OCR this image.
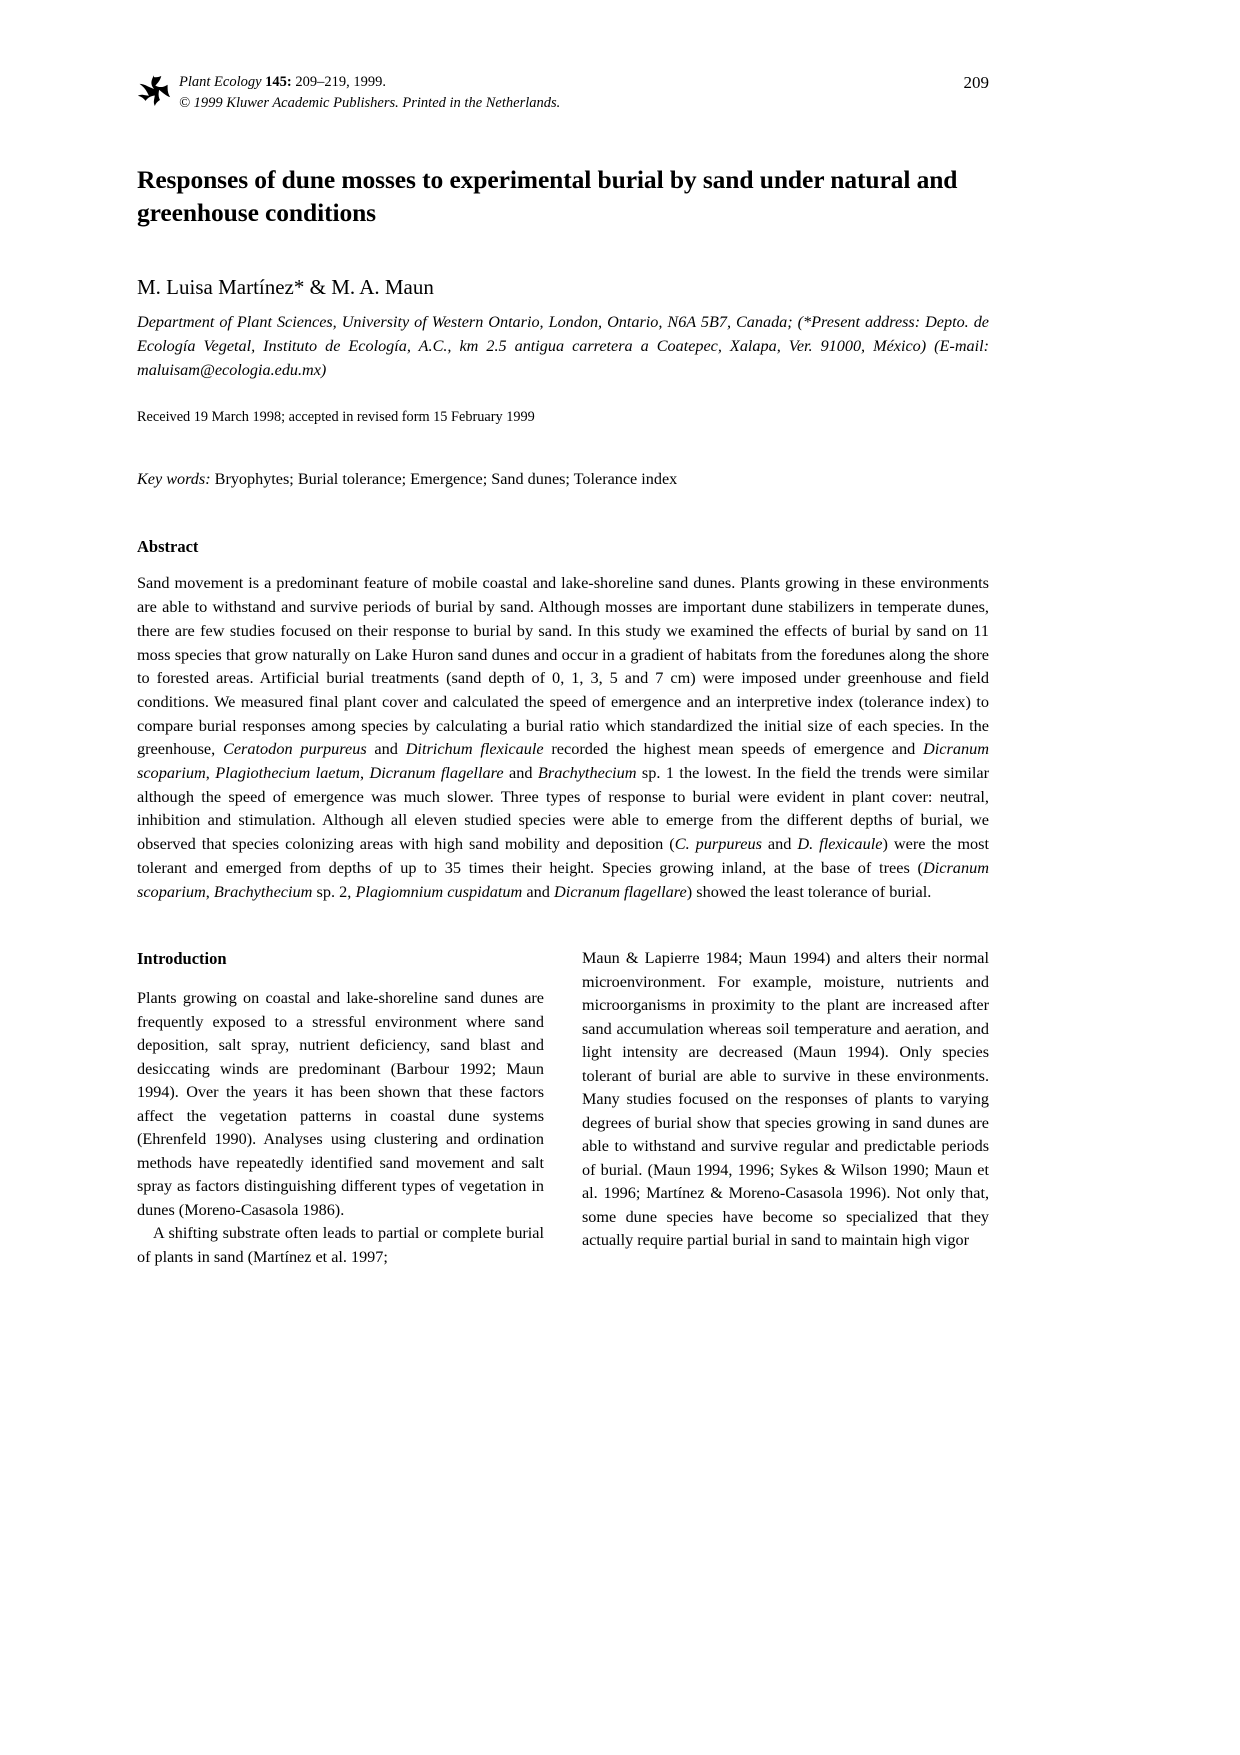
Plant Ecology 145: 209–219, 1999.
© 1999 Kluwer Academic Publishers. Printed in the Netherlands.
209
Responses of dune mosses to experimental burial by sand under natural and greenhouse conditions
M. Luisa Martínez* & M. A. Maun
Department of Plant Sciences, University of Western Ontario, London, Ontario, N6A 5B7, Canada; (*Present address: Depto. de Ecología Vegetal, Instituto de Ecología, A.C., km 2.5 antigua carretera a Coatepec, Xalapa, Ver. 91000, México) (E-mail: maluisam@ecologia.edu.mx)
Received 19 March 1998; accepted in revised form 15 February 1999
Key words: Bryophytes; Burial tolerance; Emergence; Sand dunes; Tolerance index
Abstract
Sand movement is a predominant feature of mobile coastal and lake-shoreline sand dunes. Plants growing in these environments are able to withstand and survive periods of burial by sand. Although mosses are important dune stabilizers in temperate dunes, there are few studies focused on their response to burial by sand. In this study we examined the effects of burial by sand on 11 moss species that grow naturally on Lake Huron sand dunes and occur in a gradient of habitats from the foredunes along the shore to forested areas. Artificial burial treatments (sand depth of 0, 1, 3, 5 and 7 cm) were imposed under greenhouse and field conditions. We measured final plant cover and calculated the speed of emergence and an interpretive index (tolerance index) to compare burial responses among species by calculating a burial ratio which standardized the initial size of each species. In the greenhouse, Ceratodon purpureus and Ditrichum flexicaule recorded the highest mean speeds of emergence and Dicranum scoparium, Plagiothecium laetum, Dicranum flagellare and Brachythecium sp. 1 the lowest. In the field the trends were similar although the speed of emergence was much slower. Three types of response to burial were evident in plant cover: neutral, inhibition and stimulation. Although all eleven studied species were able to emerge from the different depths of burial, we observed that species colonizing areas with high sand mobility and deposition (C. purpureus and D. flexicaule) were the most tolerant and emerged from depths of up to 35 times their height. Species growing inland, at the base of trees (Dicranum scoparium, Brachythecium sp. 2, Plagiomnium cuspidatum and Dicranum flagellare) showed the least tolerance of burial.
Introduction

Plants growing on coastal and lake-shoreline sand dunes are frequently exposed to a stressful environment where sand deposition, salt spray, nutrient deficiency, sand blast and desiccating winds are predominant (Barbour 1992; Maun 1994). Over the years it has been shown that these factors affect the vegetation patterns in coastal dune systems (Ehrenfeld 1990). Analyses using clustering and ordination methods have repeatedly identified sand movement and salt spray as factors distinguishing different types of vegetation in dunes (Moreno-Casasola 1986).

A shifting substrate often leads to partial or complete burial of plants in sand (Martínez et al. 1997;

Maun & Lapierre 1984; Maun 1994) and alters their normal microenvironment. For example, moisture, nutrients and microorganisms in proximity to the plant are increased after sand accumulation whereas soil temperature and aeration, and light intensity are decreased (Maun 1994). Only species tolerant of burial are able to survive in these environments. Many studies focused on the responses of plants to varying degrees of burial show that species growing in sand dunes are able to withstand and survive regular and predictable periods of burial. (Maun 1994, 1996; Sykes & Wilson 1990; Maun et al. 1996; Martínez & Moreno-Casasola 1996). Not only that, some dune species have become so specialized that they actually require partial burial in sand to maintain high vigor
